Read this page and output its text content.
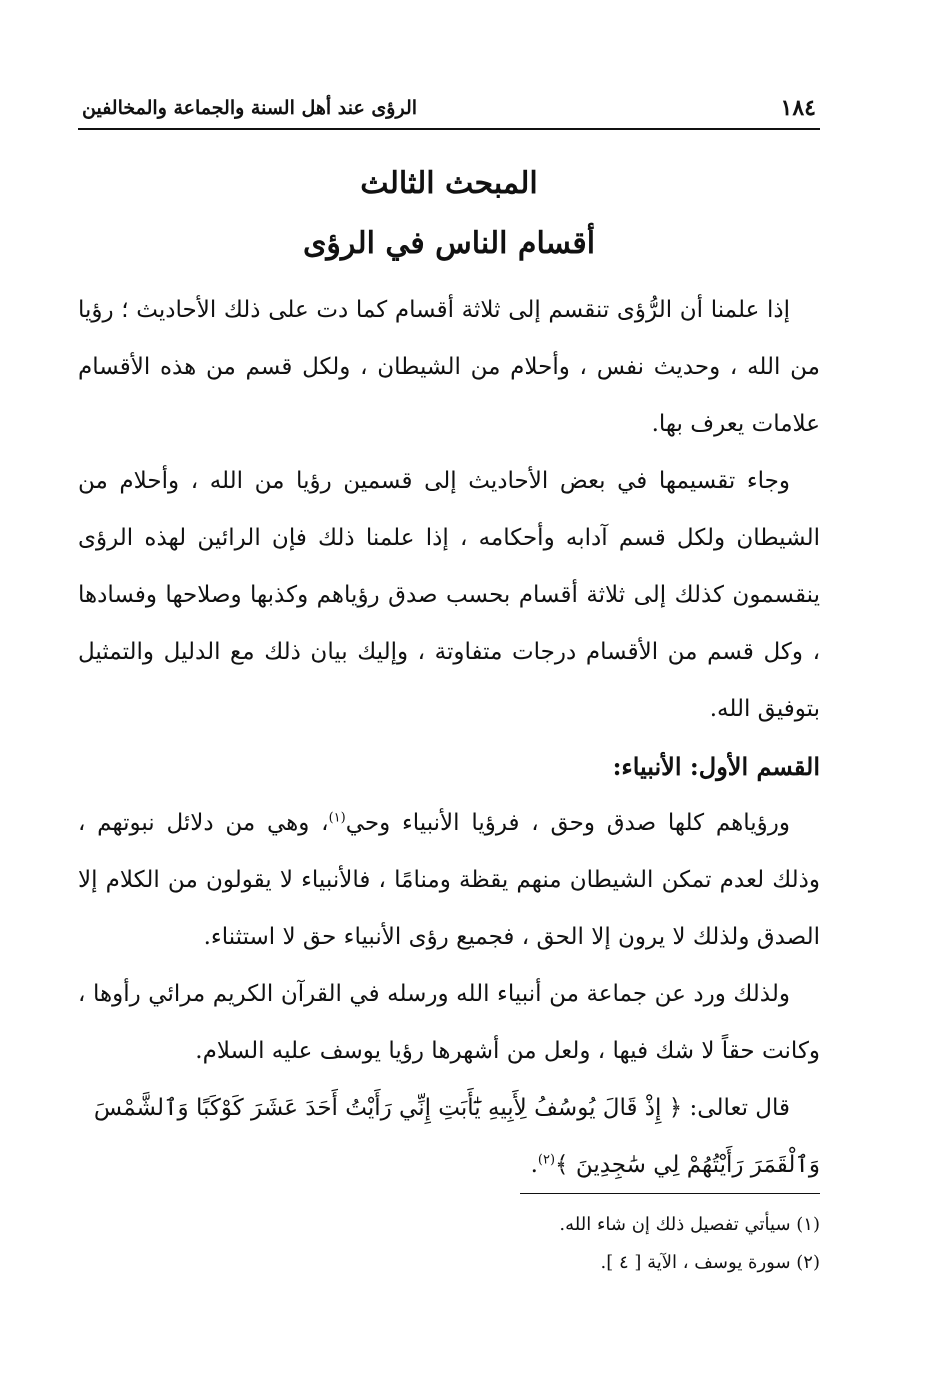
١٨٤
الرؤى عند أهل السنة والجماعة والمخالفين
المبحث الثالث
أقسام الناس في الرؤى

إذا علمنا أن الرُّؤى تنقسم إلى ثلاثة أقسام كما دت على ذلك الأحاديث ؛ رؤيا من الله ، وحديث نفس ، وأحلام من الشيطان ، ولكل قسم من هذه الأقسام علامات يعرف بها.

وجاء تقسيمها في بعض الأحاديث إلى قسمين رؤيا من الله ، وأحلام من الشيطان ولكل قسم آدابه وأحكامه ، إذا علمنا ذلك فإن الرائين لهذه الرؤى ينقسمون كذلك إلى ثلاثة أقسام بحسب صدق رؤياهم وكذبها وصلاحها وفسادها ، وكل قسم من الأقسام درجات متفاوتة ، وإليك بيان ذلك مع الدليل والتمثيل بتوفيق الله.

القسم الأول: الأنبياء:

ورؤياهم كلها صدق وحق ، فرؤيا الأنبياء وحي$^{(١)}$، وهي من دلائل نبوتهم ، وذلك لعدم تمكن الشيطان منهم يقظة ومنامًا ، فالأنبياء لا يقولون من الكلام إلا الصدق ولذلك لا يرون إلا الحق ، فجميع رؤى الأنبياء حق لا استثناء.

ولذلك ورد عن جماعة من أنبياء الله ورسله في القرآن الكريم مرائي رأوها ، وكانت حقاً لا شك فيها ، ولعل من أشهرها رؤيا يوسف عليه السلام.

قال تعالى: ﴿ إِذْ قَالَ يُوسُفُ لِأَبِيهِ يَٰٓأَبَتِ إِنِّي رَأَيْتُ أَحَدَ عَشَرَ كَوْكَبًا وَٱلشَّمْسَ وَٱلْقَمَرَ رَأَيْتُهُمْ لِي سَٰجِدِينَ ﴾$^{(٢)}$.

(١) سيأتي تفصيل ذلك إن شاء الله.

(٢) سورة يوسف ، الآية [ ٤ ].
